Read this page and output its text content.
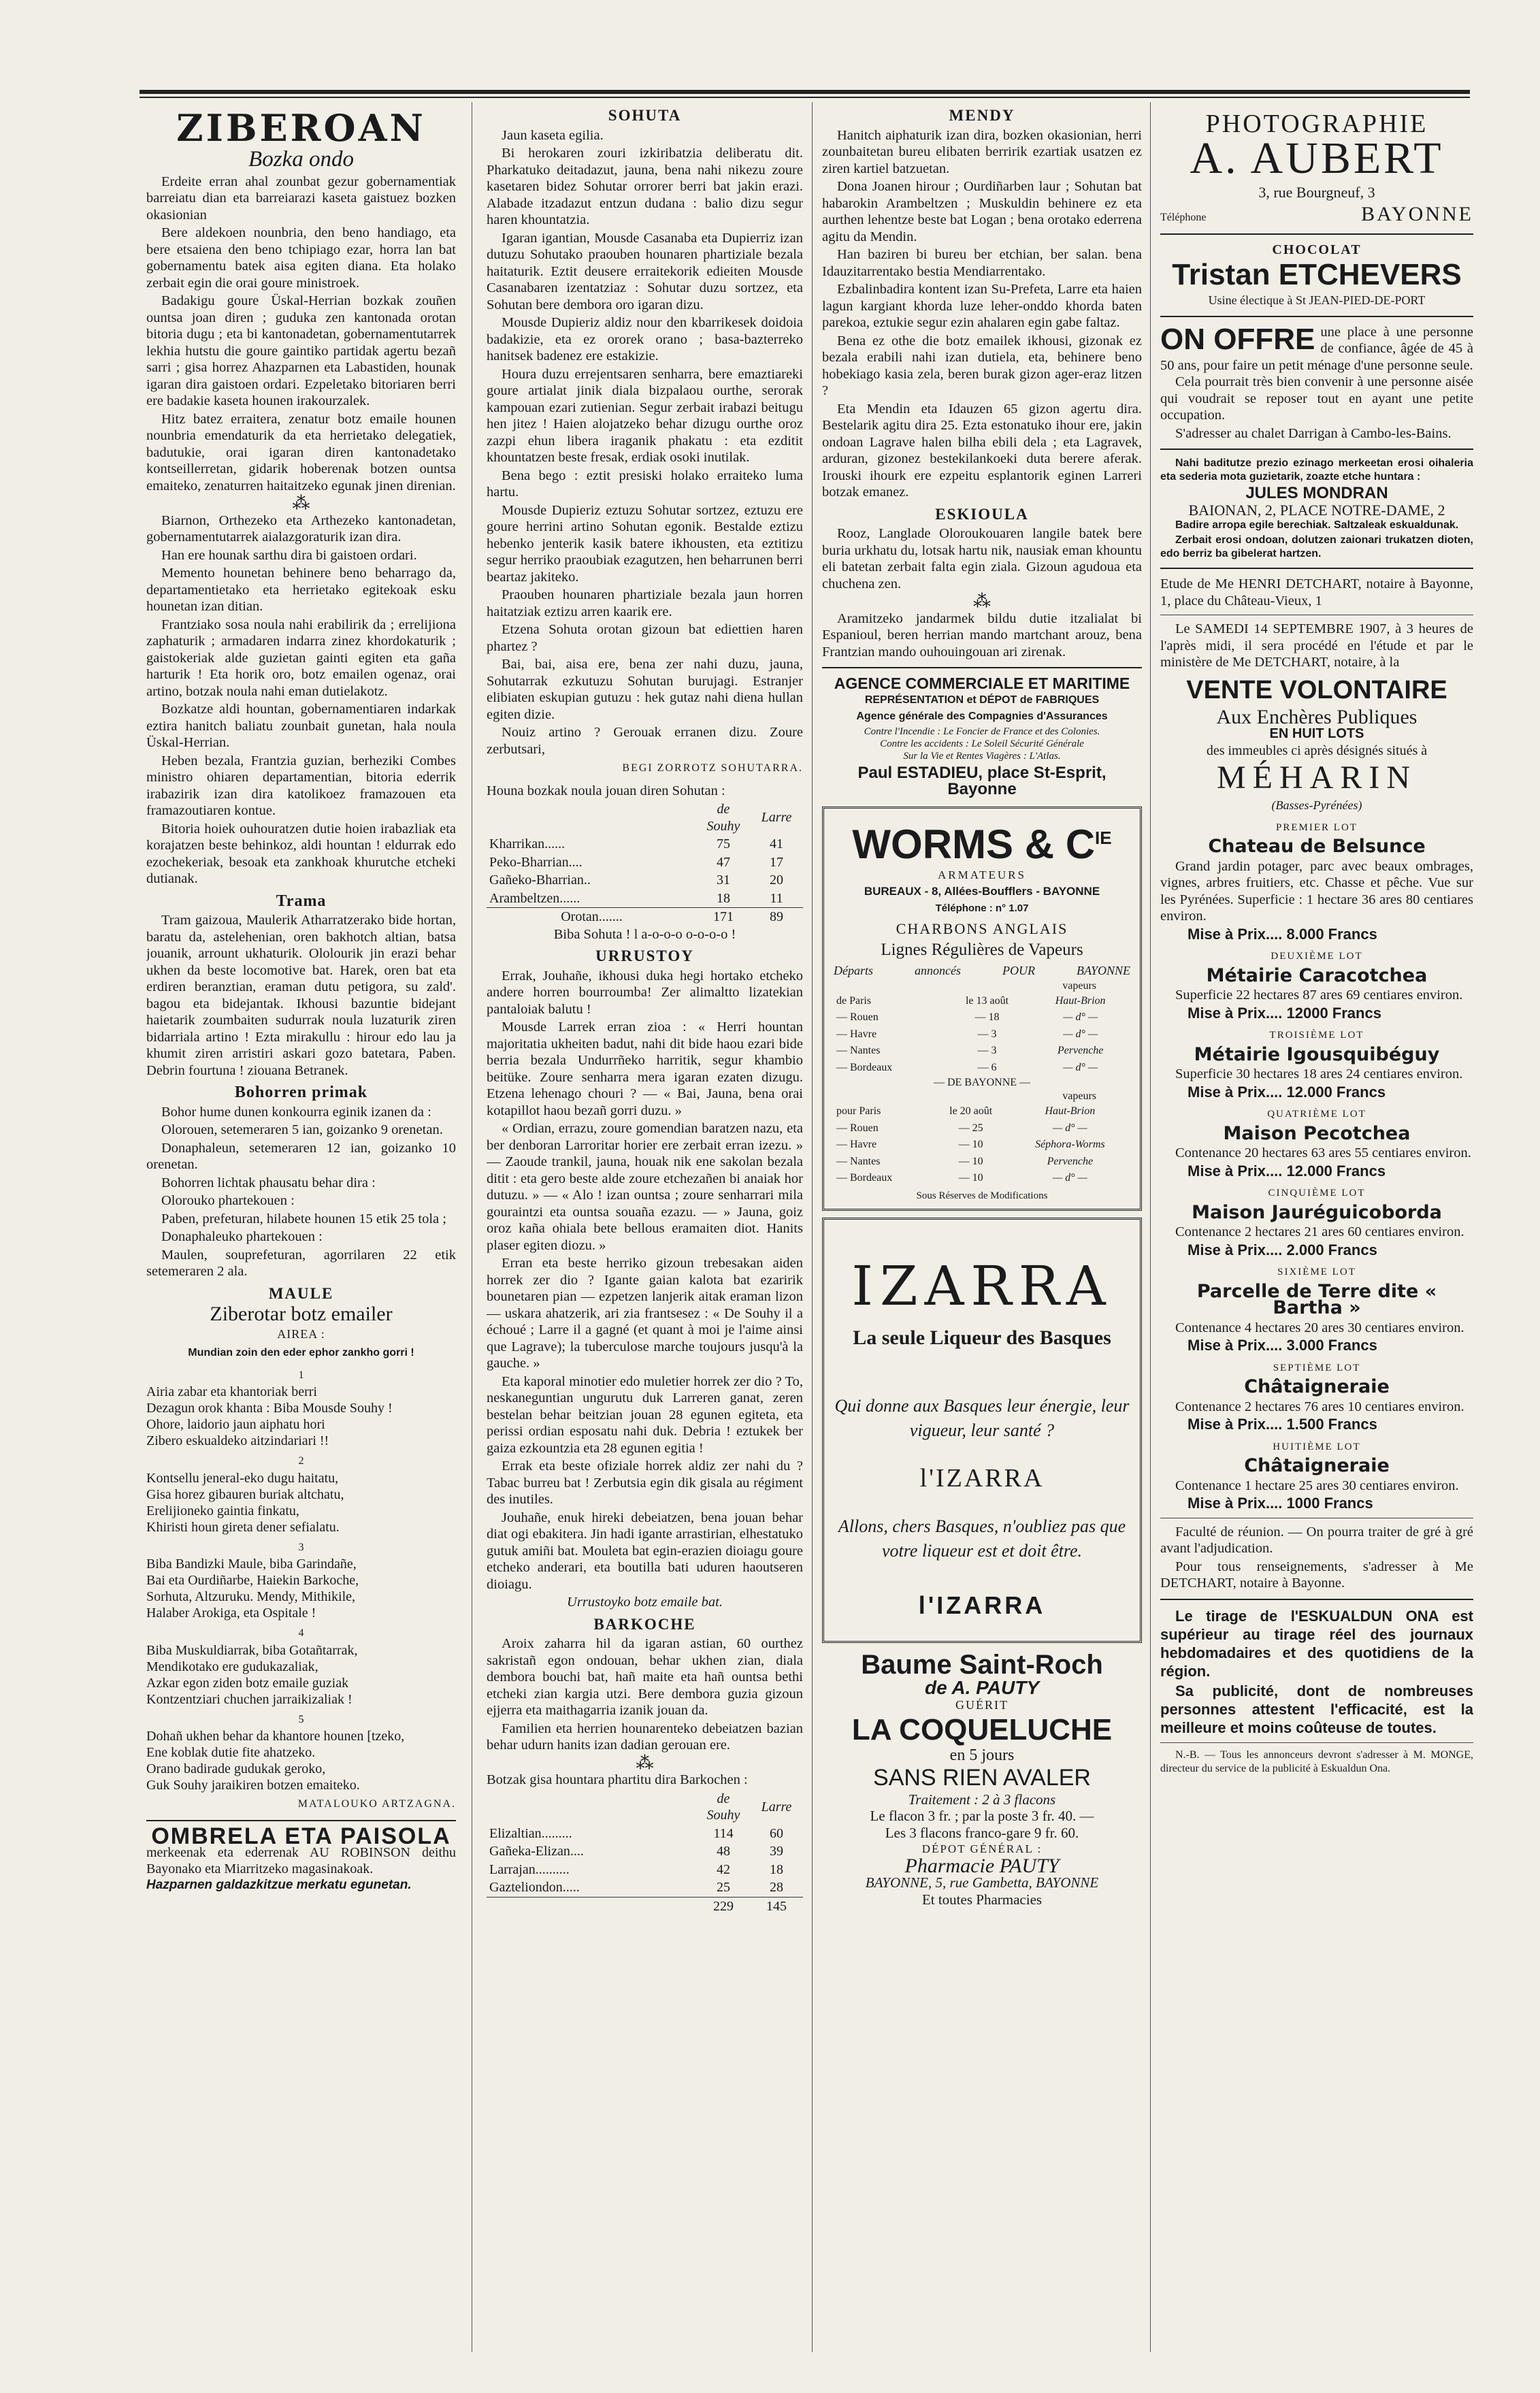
ZIBEROAN
Bozka ondo

Erdeite erran ahal zounbat gezur gobernamentiak barreiatu dian eta barreiarazi kaseta gaistuez bozken okasionian

Bere aldekoen nounbria, den beno handiago, eta bere etsaiena den beno tchipiago ezar, horra lan bat gobernamentu batek aisa egiten diana. Eta holako zerbait egin die orai goure ministroek.

Badakigu goure Üskal-Herrian bozkak zouñen ountsa joan diren ; guduka zen kantonada orotan bitoria dugu ; eta bi kantonadetan, gobernamentutarrek lekhia hutstu die goure gaintiko partidak agertu bezañ sarri ; gisa horrez Ahazparnen eta Labastiden, hounak igaran dira gaistoen ordari. Ezpeletako bitoriaren berri ere badakie kaseta hounen irakourzalek.

Hitz batez erraitera, zenatur botz emaile hounen nounbria emendaturik da eta herrietako delegatiek, badutukie, orai igaran diren kantonadetako kontseillerretan, gidarik hoberenak botzen ountsa emaiteko, zenaturren haitaitzeko egunak jinen direnian.

⁂

Biarnon, Orthezeko eta Arthezeko kantonadetan, gobernamentutarrek aialazgoraturik izan dira.

Han ere hounak sarthu dira bi gaistoen ordari.

Memento hounetan behinere beno beharrago da, departamentietako eta herrietako egitekoak esku hounetan izan ditian.

Frantziako sosa noula nahi erabilirik da ; errelijiona zaphaturik ; armadaren indarra zinez khordokaturik ; gaistokeriak alde guzietan gainti egiten eta gaña harturik ! Eta horik oro, botz emailen ogenaz, orai artino, botzak noula nahi eman dutielakotz.

Bozkatze aldi hountan, gobernamentiaren indarkak eztira hanitch baliatu zounbait gunetan, hala noula Üskal-Herrian.

Heben bezala, Frantzia guzian, berheziki Combes ministro ohiaren departamentian, bitoria ederrik irabazirik izan dira katolikoez framazouen eta framazoutiaren kontue.

Bitoria hoiek ouhouratzen dutie hoien irabazliak eta korajatzen beste behinkoz, aldi hountan ! eldurrak edo ezochekeriak, besoak eta zankhoak khurutche etcheki dutianak.

Trama

Tram gaizoua, Maulerik Atharratzerako bide hortan, baratu da, astelehenian, oren bakhotch altian, batsa jouanik, arrount ukhaturik. Ololourik jin erazi behar ukhen da beste locomotive bat. Harek, oren bat eta erdiren beranztian, eraman dutu petigora, su zald'. bagou eta bidejantak. Ikhousi bazuntie bidejant haietarik zoumbaiten sudurrak noula luzaturik ziren bidarriala artino ! Ezta mirakullu : hirour edo lau ja khumit ziren arristiri askari gozo batetara, Paben. Debrin fourtuna ! ziouana Betranek.

Bohorren primak

Bohor hume dunen konkourra eginik izanen da :

Olorouen, setemeraren 5 ian, goizanko 9 orenetan.

Donaphaleun, setemeraren 12 ian, goizanko 10 orenetan.

Bohorren lichtak phausatu behar dira :

Olorouko phartekouen :

Paben, prefeturan, hilabete hounen 15 etik 25 tola ;

Donaphaleuko phartekouen :

Maulen, souprefeturan, agorrilaren 22 etik setemeraren 2 ala.

MAULE
Ziberotar botz emailer
AIREA :
Mundian zoin den eder ephor zankho gorri !
1

Airia zabar eta khantoriak berri

Dezagun orok khanta : Biba Mousde Souhy !

Ohore, laidorio jaun aiphatu hori

Zibero eskualdeko aitzindariari !!

2

Kontsellu jeneral-eko dugu haitatu,

Gisa horez gibauren buriak altchatu,

Erelijioneko gaintia finkatu,

Khiristi houn gireta dener sefialatu.

3

Biba Bandizki Maule, biba Garindañe,

Bai eta Ourdiñarbe, Haiekin Barkoche,

Sorhuta, Altzuruku. Mendy, Mithikile,

Halaber Arokiga, eta Ospitale !

4

Biba Muskuldiarrak, biba Gotañtarrak,

Mendikotako ere gudukazaliak,

Azkar egon ziden botz emaile guziak

Kontzentziari chuchen jarraikizaliak !

5

Dohañ ukhen behar da khantore hounen [tzeko,

Ene koblak dutie fite ahatzeko.

Orano badirade gudukak geroko,

Guk Souhy jaraikiren botzen emaiteko.

MATALOUKO ARTZAGNA.
OMBRELA ETA PAISOLA
merkeenak eta ederrenak AU ROBINSON deithu Bayonako eta Miarritzeko magasinakoak.
Hazparnen galdazkitzue merkatu egunetan.
SOHUTA

Jaun kaseta egilia.

Bi herokaren zouri izkiribatzia deliberatu dit. Pharkatuko deitadazut, jauna, bena nahi nikezu zoure kasetaren bidez Sohutar orrorer berri bat jakin erazi. Alabade itzadazut entzun dudana : balio dizu segur haren khountatzia.

Igaran igantian, Mousde Casanaba eta Dupierriz izan dutuzu Sohutako praouben hounaren phartiziale bezala haitaturik. Eztit deusere erraitekorik edieiten Mousde Casanabaren izentatziaz : Sohutar duzu sortzez, eta Sohutan bere dembora oro igaran dizu.

Mousde Dupieriz aldiz nour den kbarrikesek doidoia badakizie, eta ez ororek orano ; basa-bazterreko hanitsek badenez ere estakizie.

Houra duzu errejentsaren senharra, bere emaztiareki goure artialat jinik diala bizpalaou ourthe, serorak kampouan ezari zutienian. Segur zerbait irabazi beitugu hen jitez ! Haien alojatzeko behar dizugu ourthe oroz zazpi ehun libera iraganik phakatu : eta ezditit khountatzen beste fresak, erdiak osoki inutilak.

Bena bego : eztit presiski holako erraiteko luma hartu.

Mousde Dupieriz eztuzu Sohutar sortzez, eztuzu ere goure herrini artino Sohutan egonik. Bestalde eztizu hebenko jenterik kasik batere ikhousten, eta eztitizu segur herriko praoubiak ezagutzen, hen beharrunen berri beartaz jakiteko.

Praouben hounaren phartiziale bezala jaun horren haitatziak eztizu arren kaarik ere.

Etzena Sohuta orotan gizoun bat ediettien haren phartez ?

Bai, bai, aisa ere, bena zer nahi duzu, jauna, Sohutarrak ezkutuzu Sohutan burujagi. Estranjer elibiaten eskupian gutuzu : hek gutaz nahi diena hullan egiten dizie.

Nouiz artino ? Gerouak erranen dizu. Zoure zerbutsari,

BEGI ZORROTZ SOHUTARRA.

Houna bozkak noula jouan diren Sohutan :

	de Souhy	Larre
Kharrikan......	75	41
Peko-Bharrian....	47	17
Gañeko-Bharrian..	31	20
Arambeltzen......	18	11
Orotan.......	171	89

Biba Sohuta ! l a-o-o-o o-o-o-o !

URRUSTOY

Errak, Jouhañe, ikhousi duka hegi hortako etcheko andere horren bourroumba! Zer alimaltto lizatekian pantaloiak balutu !

Mousde Larrek erran zioa : « Herri hountan majoritatia ukheiten badut, nahi dit bide haou ezari bide berria bezala Undurrñeko harritik, segur khambio beitüke. Zoure senharra mera igaran ezaten dizugu. Etzena lehenago chouri ? — « Bai, Jauna, bena orai kotapillot haou bezañ gorri duzu. »

« Ordian, errazu, zoure gomendian baratzen nazu, eta ber denboran Larroritar horier ere zerbait erran izezu. » — Zaoude trankil, jauna, houak nik ene sakolan bezala ditit : eta gero beste alde zoure etchezañen bi anaiak hor dutuzu. » — « Alo ! izan ountsa ; zoure senharrari mila gouraintzi eta ountsa souaña ezazu. — » Jauna, goiz oroz kaña ohiala bete bellous eramaiten diot. Hanits plaser egiten diozu. »

Erran eta beste herriko gizoun trebesakan aiden horrek zer dio ? Igante gaian kalota bat ezaririk bounetaren pian — ezpetzen lanjerik aitak eraman lizon — uskara ahatzerik, ari zia frantsesez : « De Souhy il a échoué ; Larre il a gagné (et quant à moi je l'aime ainsi que Lagrave); la tuberculose marche toujours jusqu'à la gauche. »

Eta kaporal minotier edo muletier horrek zer dio ? To, neskaneguntian ungurutu duk Larreren ganat, zeren bestelan behar beitzian jouan 28 egunen egiteta, eta perissi ordian esposatu nahi duk. Debria ! eztukek ber gaiza ezkountzia eta 28 egunen egitia !

Errak eta beste ofiziale horrek aldiz zer nahi du ? Tabac burreu bat ! Zerbutsia egin dik gisala au régiment des inutiles.

Jouhañe, enuk hireki debeiatzen, bena jouan behar diat ogi ebakitera. Jin hadi igante arrastirian, elhestatuko gutuk amiñi bat. Mouleta bat egin-erazien dioiagu goure etcheko anderari, eta boutilla bati uduren haoutseren dioiagu.

Urrustoyko botz emaile bat.
BARKOCHE

Aroix zaharra hil da igaran astian, 60 ourthez sakristañ egon ondouan, behar ukhen zian, diala dembora bouchi bat, hañ maite eta hañ ountsa bethi etcheki zian kargia utzi. Bere dembora guzia gizoun ejjerra eta maithagarria izanik jouan da.

Familien eta herrien hounarenteko debeiatzen bazian behar udurn hanits izan dadian gerouan ere.

⁂

Botzak gisa hountara phartitu dira Barkochen :

	de Souhy	Larre
Elizaltian.........	114	60
Gañeka-Elizan....	48	39
Larrajan..........	42	18
Gazteliondon.....	25	28
	229	145
MENDY

Hanitch aiphaturik izan dira, bozken okasionian, herri zounbaitetan bureu elibaten berririk ezartiak usatzen ez ziren kartiel batzuetan.

Dona Joanen hirour ; Ourdiñarben laur ; Sohutan bat habarokin Arambeltzen ; Muskuldin behinere ez eta aurthen lehentze beste bat Logan ; bena orotako ederrena agitu da Mendin.

Han baziren bi bureu ber etchian, ber salan. bena Idauzitarrentako bestia Mendiarrentako.

Ezbalinbadira kontent izan Su-Prefeta, Larre eta haien lagun kargiant khorda luze leher-onddo khorda baten parekoa, eztukie segur ezin ahalaren egin gabe faltaz.

Bena ez othe die botz emailek ikhousi, gizonak ez bezala erabili nahi izan dutiela, eta, behinere beno hobekiago kasia zela, beren burak gizon ager-eraz litzen ?

Eta Mendin eta Idauzen 65 gizon agertu dira. Bestelarik agitu dira 25. Ezta estonatuko ihour ere, jakin ondoan Lagrave halen bilha ebili dela ; eta Lagravek, arduran, gizonez bestekilankoeki duta berere aferak. Irouski ihourk ere ezpeitu esplantorik eginen Larreri botzak emanez.

ESKIOULA

Rooz, Langlade Oloroukouaren langile batek bere buria urkhatu du, lotsak hartu nik, nausiak eman khountu eli batetan zerbait falta egin ziala. Gizoun agudoua eta chuchena zen.

⁂

Aramitzeko jandarmek bildu dutie itzalialat bi Espanioul, beren herrian mando martchant arouz, bena Frantzian mando ouhouingouan ari zirenak.

AGENCE COMMERCIALE ET MARITIME
REPRÉSENTATION et DÉPOT de FABRIQUES
Agence générale des Compagnies d'Assurances
Contre l'Incendie : Le Foncier de France et des Colonies.
Contre les accidents : Le Soleil Sécurité Générale
Sur la Vie et Rentes Viagères : L'Atlas.
Paul ESTADIEU, place St-Esprit, Bayonne
WORMS & $C^{IE}$
ARMATEURS
BUREAUX - 8, Allées-Boufflers - BAYONNE
Téléphone : n° 1.07
CHARBONS ANGLAIS
Lignes Régulières de Vapeurs
Départs	annoncés	POUR	BAYONNE
vapeurs
de Paris	le 13 août	Haut-Brion
— Rouen	— 18	— d° —
— Havre	— 3	— d° —
— Nantes	— 3	Pervenche
— Bordeaux	— 6	— d° —
— DE BAYONNE —
vapeurs
pour Paris	le 20 août	Haut-Brion
— Rouen	— 25	— d° —
— Havre	— 10	Séphora-Worms
— Nantes	— 10	Pervenche
— Bordeaux	— 10	— d° —
Sous Réserves de Modifications
IZARRA
La seule Liqueur des Basques
Qui donne aux Basques leur énergie, leur vigueur, leur santé ?
l'IZARRA
Allons, chers Basques, n'oubliez pas que votre liqueur est et doit être.
l'IZARRA
Baume Saint-Roch
de A. PAUTY
GUÉRIT
LA COQUELUCHE
en 5 jours
SANS RIEN AVALER
Traitement : 2 à 3 flacons
Le flacon 3 fr. ; par la poste 3 fr. 40. —
Les 3 flacons franco-gare 9 fr. 60.
DÉPOT GÉNÉRAL :
Pharmacie PAUTY
BAYONNE, 5, rue Gambetta, BAYONNE
Et toutes Pharmacies
PHOTOGRAPHIE
A. AUBERT
3, rue Bourgneuf, 3
Téléphone	BAYONNE
CHOCOLAT
Tristan ETCHEVERS
Usine électique à St JEAN-PIED-DE-PORT
ON OFFRE une place à une personne de confiance, âgée de 45 à 50 ans, pour faire un petit ménage d'une personne seule.

Cela pourrait très bien convenir à une personne aisée qui voudrait se reposer tout en ayant une petite occupation.

S'adresser au chalet Darrigan à Cambo-les-Bains.

Nahi baditutze prezio ezinago merkeetan erosi oihaleria eta sederia mota guzietarik, zoazte etche huntara :

JULES MONDRAN
BAIONAN, 2, PLACE NOTRE-DAME, 2

Badire arropa egile berechiak. Saltzaleak eskualdunak.

Zerbait erosi ondoan, dolutzen zaionari trukatzen dioten, edo berriz ba gibelerat hartzen.

Etude de Me HENRI DETCHART, notaire à Bayonne, 1, place du Château-Vieux, 1

Le SAMEDI 14 SEPTEMBRE 1907, à 3 heures de l'après midi, il sera procédé en l'étude et par le ministère de Me DETCHART, notaire, à la

VENTE VOLONTAIRE
Aux Enchères Publiques
EN HUIT LOTS
des immeubles ci après désignés situés à
MÉHARIN
(Basses-Pyrénées)
PREMIER LOT
Chateau de Belsunce

Grand jardin potager, parc avec beaux ombrages, vignes, arbres fruitiers, etc. Chasse et pêche. Vue sur les Pyrénées. Superficie : 1 hectare 36 ares 80 centiares environ.

Mise à Prix.... 8.000 Francs
DEUXIÈME LOT
Métairie Caracotchea

Superficie 22 hectares 87 ares 69 centiares environ.

Mise à Prix.... 12000 Francs
TROISIÈME LOT
Métairie Igousquibéguy

Superficie 30 hectares 18 ares 24 centiares environ.

Mise à Prix.... 12.000 Francs
QUATRIÈME LOT
Maison Pecotchea

Contenance 20 hectares 63 ares 55 centiares environ.

Mise à Prix.... 12.000 Francs
CINQUIÈME LOT
Maison Jauréguicoborda

Contenance 2 hectares 21 ares 60 centiares environ.

Mise à Prix.... 2.000 Francs
SIXIÈME LOT
Parcelle de Terre dite « Bartha »

Contenance 4 hectares 20 ares 30 centiares environ.

Mise à Prix.... 3.000 Francs
SEPTIÈME LOT
Châtaigneraie

Contenance 2 hectares 76 ares 10 centiares environ.

Mise à Prix.... 1.500 Francs
HUITIÈME LOT
Châtaigneraie

Contenance 1 hectare 25 ares 30 centiares environ.

Mise à Prix.... 1000 Francs

Faculté de réunion. — On pourra traiter de gré à gré avant l'adjudication.

Pour tous renseignements, s'adresser à Me DETCHART, notaire à Bayonne.

Le tirage de l'ESKUALDUN ONA est supérieur au tirage réel des journaux hebdomadaires et des quotidiens de la région.

Sa publicité, dont de nombreuses personnes attestent l'efficacité, est la meilleure et moins coûteuse de toutes.

N.-B. — Tous les annonceurs devront s'adresser à M. MONGE, directeur du service de la publicité à Eskualdun Ona.
